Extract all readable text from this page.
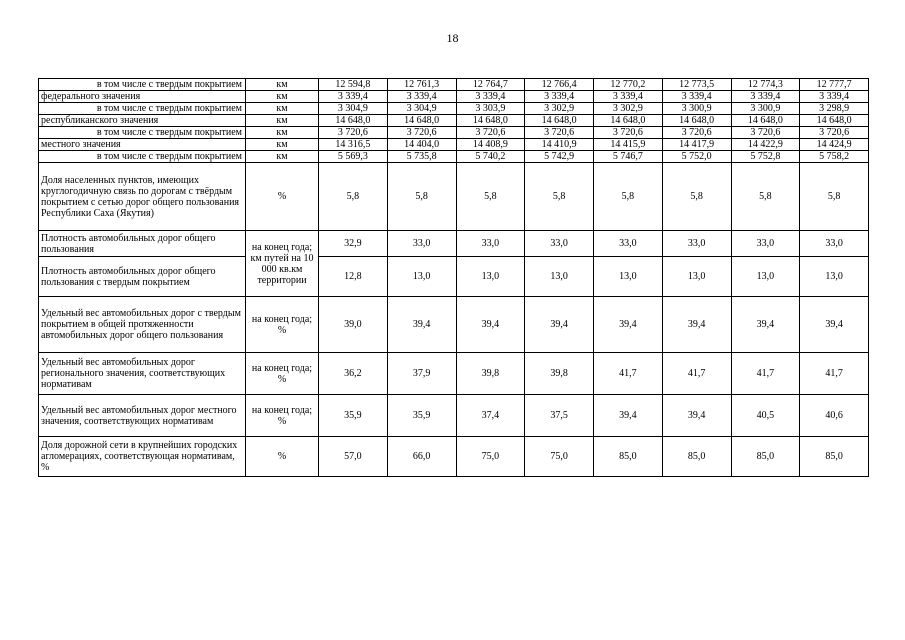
18
в том числе с твердым покрытием	км	12 594,8	12 761,3	12 764,7	12 766,4	12 770,2	12 773,5	12 774,3	12 777,7
федерального значения	км	3 339,4	3 339,4	3 339,4	3 339,4	3 339,4	3 339,4	3 339,4	3 339,4
в том числе с твердым покрытием	км	3 304,9	3 304,9	3 303,9	3 302,9	3 302,9	3 300,9	3 300,9	3 298,9
республиканского значения	км	14 648,0	14 648,0	14 648,0	14 648,0	14 648,0	14 648,0	14 648,0	14 648,0
в том числе с твердым покрытием	км	3 720,6	3 720,6	3 720,6	3 720,6	3 720,6	3 720,6	3 720,6	3 720,6
местного значения	км	14 316,5	14 404,0	14 408,9	14 410,9	14 415,9	14 417,9	14 422,9	14 424,9
в том числе с твердым покрытием	км	5 569,3	5 735,8	5 740,2	5 742,9	5 746,7	5 752,0	5 752,8	5 758,2
Доля населенных пунктов, имеющих круглогодичную связь по дорогам с твёрдым покрытием с сетью дорог общего пользования Республики Саха (Якутия)	%	5,8	5,8	5,8	5,8	5,8	5,8	5,8	5,8
Плотность автомобильных дорог общего пользования	на конец года; км путей на 10 000 кв.км территории	32,9	33,0	33,0	33,0	33,0	33,0	33,0	33,0
Плотность автомобильных дорог общего пользования с твердым покрытием		12,8	13,0	13,0	13,0	13,0	13,0	13,0	13,0
Удельный вес автомобильных дорог с твердым покрытием в общей протяженности автомобильных дорог общего пользования	на конец года; %	39,0	39,4	39,4	39,4	39,4	39,4	39,4	39,4
Удельный вес автомобильных дорог регионального значения, соответствующих нормативам	на конец года; %	36,2	37,9	39,8	39,8	41,7	41,7	41,7	41,7
Удельный вес автомобильных дорог местного значения, соответствующих нормативам	на конец года; %	35,9	35,9	37,4	37,5	39,4	39,4	40,5	40,6
Доля дорожной сети в крупнейших городских агломерациях, соответствующая нормативам, %	%	57,0	66,0	75,0	75,0	85,0	85,0	85,0	85,0
